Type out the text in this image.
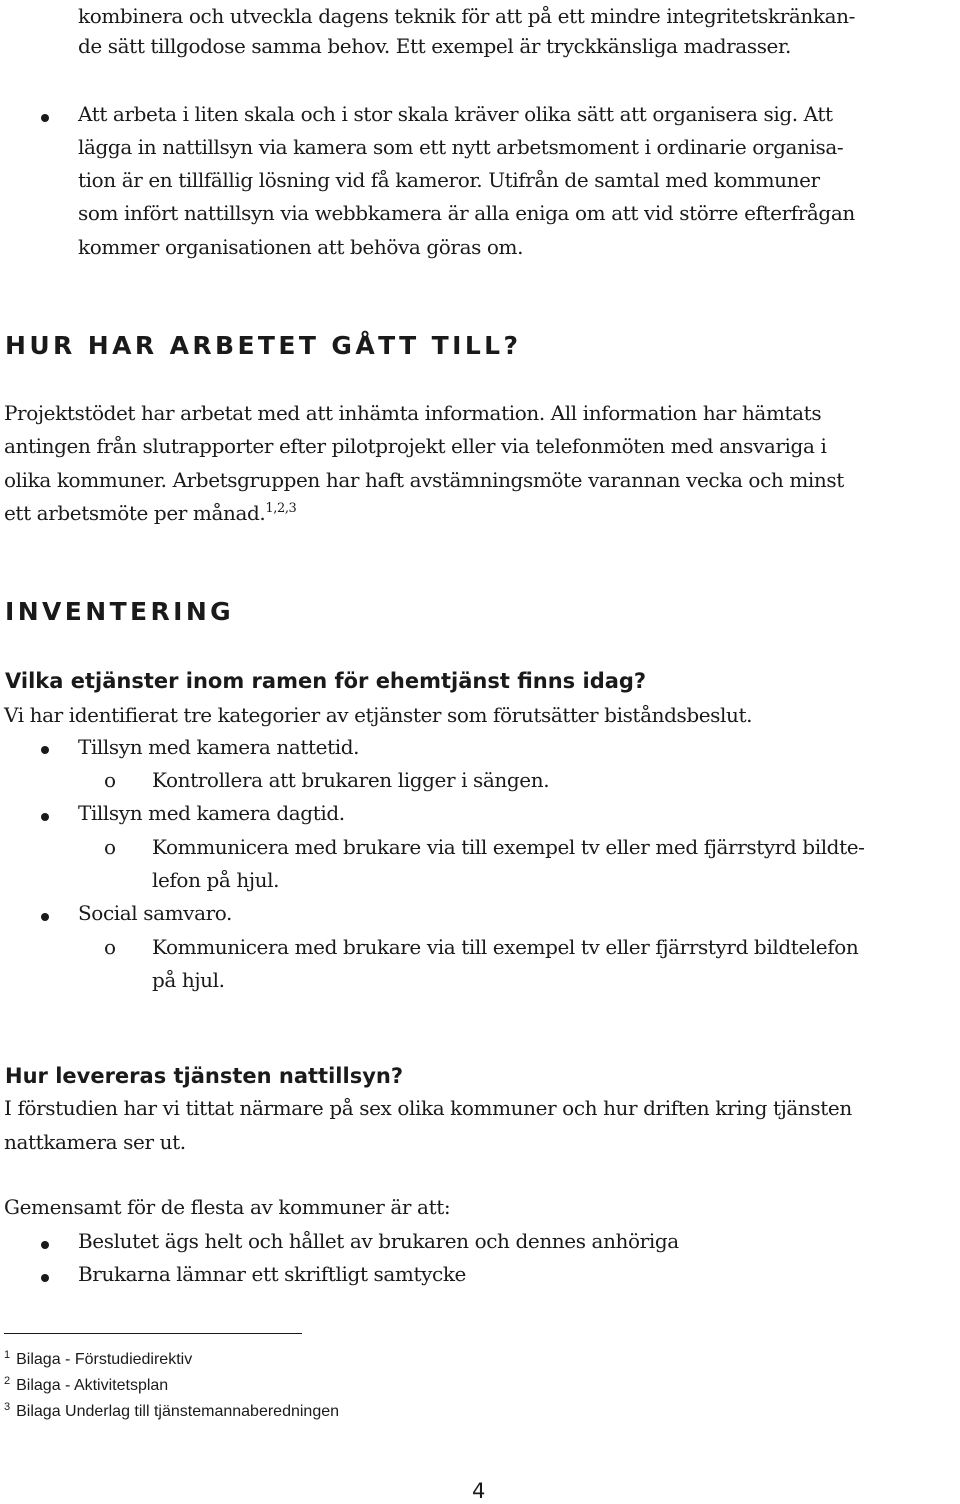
kombinera och utveckla dagens teknik för att på ett mindre integritetskränkan-

de sätt tillgodose samma behov. Ett exempel är tryckkänsliga madrasser.

Att arbeta i liten skala och i stor skala kräver olika sätt att organisera sig. Att

lägga in nattillsyn via kamera som ett nytt arbetsmoment i ordinarie organisa-

tion är en tillfällig lösning vid få kameror. Utifrån de samtal med kommuner

som infört nattillsyn via webbkamera är alla eniga om att vid större efterfrågan

kommer organisationen att behöva göras om.

HUR HAR ARBETET GÅTT TILL?

Projektstödet har arbetat med att inhämta information. All information har hämtats

antingen från slutrapporter efter pilotprojekt eller via telefonmöten med ansvariga i

olika kommuner. Arbetsgruppen har haft avstämningsmöte varannan vecka och minst

ett arbetsmöte per månad.$^{1,2,3}$

INVENTERING
Vilka etjänster inom ramen för ehemtjänst finns idag?

Vi har identifierat tre kategorier av etjänster som förutsätter biståndsbeslut.

Tillsyn med kamera nattetid.

o Kontrollera att brukaren ligger i sängen.

Tillsyn med kamera dagtid.

o Kommunicera med brukare via till exempel tv eller med fjärrstyrd bildte-

lefon på hjul.

Social samvaro.

o Kommunicera med brukare via till exempel tv eller fjärrstyrd bildtelefon

på hjul.

Hur levereras tjänsten nattillsyn?

I förstudien har vi tittat närmare på sex olika kommuner och hur driften kring tjänsten

nattkamera ser ut.

Gemensamt för de flesta av kommuner är att:

Beslutet ägs helt och hållet av brukaren och dennes anhöriga

Brukarna lämnar ett skriftligt samtycke

$^1$ Bilaga - Förstudiedirektiv
$^2$ Bilaga - Aktivitetsplan
$^3$ Bilaga Underlag till tjänstemannaberedningen
4
